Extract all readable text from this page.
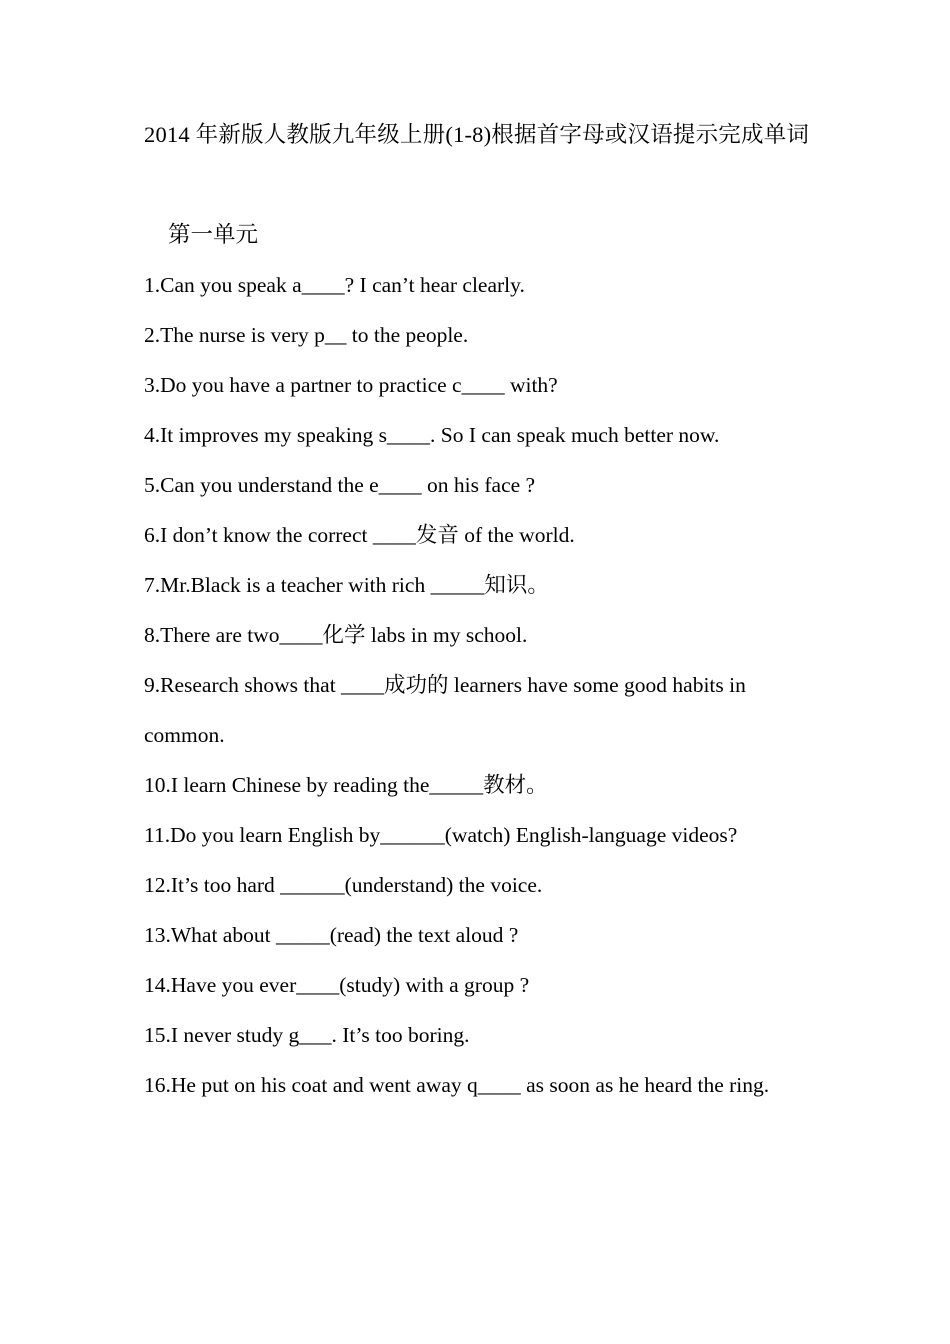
2014 年新版人教版九年级上册(1-8)根据首字母或汉语提示完成单词
第一单元
1.Can you speak a____? I can’t hear clearly.
2.The nurse is very p__ to the people.
3.Do you have a partner to practice c____ with?
4.It improves my speaking s____. So I can speak much better now.
5.Can you understand the e____ on his face ?
6.I don’t know the correct ____发音 of the world.
7.Mr.Black is a teacher with rich _____知识。
8.There are two____化学 labs in my school.
9.Research shows that ____成功的 learners have some good habits in common.
10.I learn Chinese by reading the_____教材。
11.Do you learn English by______(watch) English-language videos?
12.It’s too hard ______(understand) the voice.
13.What about _____(read) the text aloud ?
14.Have you ever____(study) with a group ?
15.I never study g___. It’s too boring.
16.He put on his coat and went away q____ as soon as he heard the ring.
